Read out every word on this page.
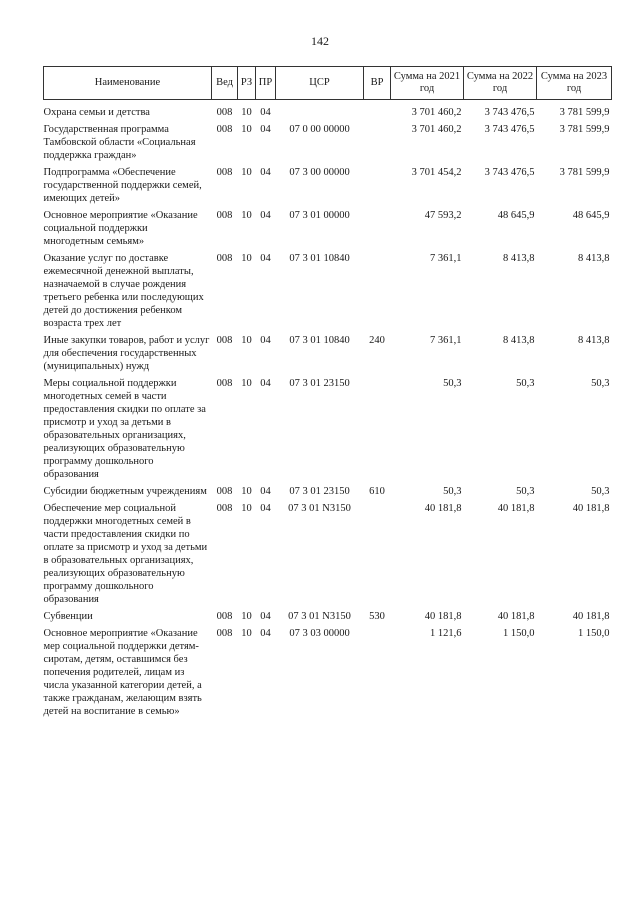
142
Наименование	Вед	РЗ	ПР	ЦСР	ВР	Сумма на 2021 год	Сумма на 2022 год	Сумма на 2023 год
Охрана семьи и детства	008	10	04			3 701 460,2	3 743 476,5	3 781 599,9
Государственная программа Тамбовской области «Социальная поддержка граждан»	008	10	04	07 0 00 00000		3 701 460,2	3 743 476,5	3 781 599,9
Подпрограмма «Обеспечение государственной поддержки семей, имеющих детей»	008	10	04	07 3 00 00000		3 701 454,2	3 743 476,5	3 781 599,9
Основное мероприятие «Оказание социальной поддержки многодетным семьям»	008	10	04	07 3 01 00000		47 593,2	48 645,9	48 645,9
Оказание услуг по доставке ежемесячной денежной выплаты, назначаемой в случае рождения третьего ребенка или последующих детей до достижения ребенком возраста трех лет	008	10	04	07 3 01 10840		7 361,1	8 413,8	8 413,8
Иные закупки товаров, работ и услуг для обеспечения государственных (муниципальных) нужд	008	10	04	07 3 01 10840	240	7 361,1	8 413,8	8 413,8
Меры социальной поддержки многодетных семей в части предоставления скидки по оплате за присмотр и уход за детьми в образовательных организациях, реализующих образовательную программу дошкольного образования	008	10	04	07 3 01 23150		50,3	50,3	50,3
Субсидии бюджетным учреждениям	008	10	04	07 3 01 23150	610	50,3	50,3	50,3
Обеспечение мер социальной поддержки многодетных семей в части предоставления скидки по оплате за присмотр и уход за детьми в образовательных организациях, реализующих образовательную программу дошкольного образования	008	10	04	07 3 01 N3150		40 181,8	40 181,8	40 181,8
Субвенции	008	10	04	07 3 01 N3150	530	40 181,8	40 181,8	40 181,8
Основное мероприятие «Оказание мер социальной поддержки детям-сиротам, детям, оставшимся без попечения родителей, лицам из числа указанной категории детей, а также гражданам, желающим взять детей на воспитание в семью»	008	10	04	07 3 03 00000		1 121,6	1 150,0	1 150,0
